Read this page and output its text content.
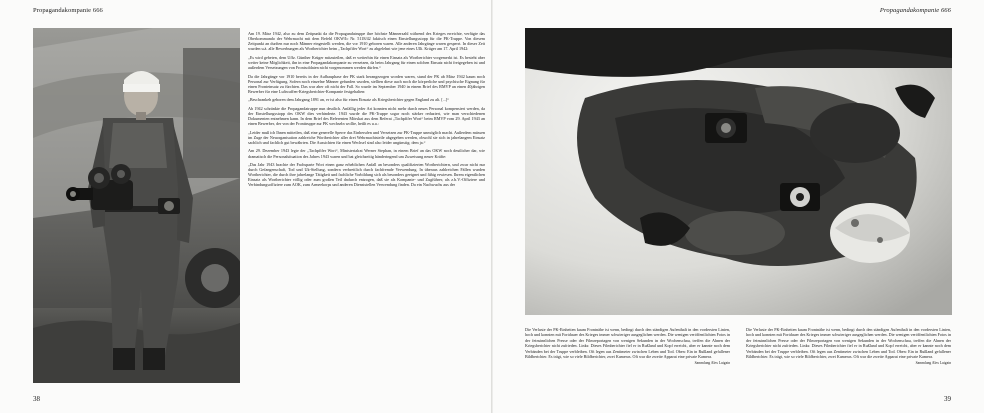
Propagandakompanie 666	Propagandakompanie 666

Am 19. März 1942, also zu dem Zeitpunkt da die Propagandatruppe ihre höchste Männerzahl während des Krieges erreichte, verfügte das Oberkommando der Wehrmacht mit dem Befehl OKW/Ic Nr. 5118/42 faktisch einen Einstellungsstopp für die PK-Truppe. Von diesem Zeitpunkt an durften nur noch Männer eingestellt werden, die vor 1910 geboren waren. Alle anderen Jahrgänge waren gesperrt. In dieser Zeit wurden u.ä. alle Bewerbungen als Wortberichter beim „Tachpfifer Wort“ zu abgelehnt wie jene eines Ulli. Krüger am 17. April 1942:

„Es wird gebeten, dem Uffz. Günther Krüger mitzuteilen, daß er weiterhin für einen Einsatz als Wortberichter vorgemerkt ist. Es besteht aber weiter keine Möglichkeit, ihn in eine Propagandakompanie zu versetzen, da beim Jahrgang für einen solchen Einsatz nicht freigegeben ist und außerdem Versetzungen von Frontsoldaten nicht vorgenommen werden dürfen.“

Da die Jahrgänge vor 1910 bereits in der Aufbauphase der PK stark herangezogen worden waren, stand der PK ab März 1942 kaum noch Personal zur Verfügung. Sofern noch einzelne Männer gefunden wurden, stellten diese auch noch die körperliche und psychische Eignung für einen Fronteinsatz zu fürchten. Das war aber oft nicht der Fall. So wurde im September 1940 in einem Brief des RMVP an einen 40jährigen Bewerber für eine Luftwaffen-Kriegsberichter-Kompanie festgehalten:

„Beschrankeh geboren dem Jahrgang 1891 an, er ist also für einen Einsatz als Kriegsberichter gegen England zu alt. [...]“

Ab 1942 schränkte die Propagandatruppe nun deutlich. Anfällig jeder Art konnten nicht mehr durch neues Personal kompensiert werden, da der Einstellungsstopp des OKW dies verhinderte. 1943 wurde die PK-Truppe sogar noch stärker reduziert, wie man verschiedenen Dokumenten entnehmen kann. In dem Brief des Referenten Mörskat aus dem Referat „Tachpfifer Wort“ beim RMVP vom 29. April 1943 an einen Bewerber, der von der Fronttruppe zur PK wechseln wollte, heißt es u.a.:

„Leider muß ich Ihnen mitteilen, daß eine generelle Sperre das Einberufen und Versetzen zur PK-Truppe unmöglich macht. Außerdem müssen im Zuge der Neuorganisation zahlreiche Wortberichter aller drei Wehrmachtsteile abgegeben werden, obwohl sie sich in jahrelangem Einsatz sachlich und fachlich gut bewährten. Die Aussichten für einen Wechsel sind also leider ungünstig; dem ja.“

Am 29. Dezember 1943 legte der „Tachpfifer Wort“, Ministerialrat Werner Stephan, in einem Brief an das OKW noch deutlicher dar, wie dramatisch die Personalsituation des Jahres 1943 waren und bat gleichzeitig händeringend um Zuweisung neuer Kräfte:

„Das Jahr 1943 brachte der Fachsparte Wort einen ganz erheblichen Anfall an besonders qualifizierten Wortberichtern, und zwar nicht nur durch Gefangenschaft, Tod und Uk-Stellung, sondern verbreitlich durch fachfremde Verwendung. In überaus zahlreichen Fällen wurden Wortberichter, die durch ihre jahrelange Tätigkeit und fachliche Vorbildung sich als besonders geeignet und fähig erwiesen. Ihrem eigentlichen Einsatz als Wortberichter völlig oder zum großen Teil dadurch entzogen, daß sie als Kompanie- und Zugführer, als z.b.V.-Offiziere und Verbindungsoffiziere zum AOK, zum Armeekorps und anderen Dienststellen Verwendung finden. Da ein Nachwuchs aus der

Die Verluste der PK-Einheiten kaum Frontnähe ist wenn, bedingt durch den ständigen Aufenthalt in den vordersten Linien, hoch und konnten mit Fortdauer des Krieges immer schwieriger ausgeglichen werden. Die wenigen veröffentlichten Fotos in der feinsinnlichen Presse oder der Filmreportagen von wenigen Sekunden in der Wochenschau, treffen die Ahnen der Kriegsberichter nicht zufrieden. Links: Dieses Filmberichter fiel er in Rußland und Kopf erreicht, aber er kannte noch dem Verbänden bei der Truppe verbleiben. Oft legen aus Zentimeter zwischen Leben und Tod. Oben: Ein in Rußland gefallener Bildberichter. Es trägt, wie so viele Bildberichter, zwei Kameras. Oft war die zweite Apparat eine private Kamera.
Sammlung Alex Luigain
Die Verluste der PK-Einheiten kaum Frontnähe ist wenn, bedingt durch den ständigen Aufenthalt in den vordersten Linien, hoch und konnten mit Fortdauer des Krieges immer schwieriger ausgeglichen werden. Die wenigen veröffentlichten Fotos in der feinsinnlichen Presse oder der Filmreportagen von wenigen Sekunden in der Wochenschau, treffen die Ahnen der Kriegsberichter nicht zufrieden. Links: Dieses Filmberichter fiel er in Rußland und Kopf erreicht, aber er kannte noch dem Verbänden bei der Truppe verbleiben. Oft legen aus Zentimeter zwischen Leben und Tod. Oben: Ein in Rußland gefallener Bildberichter. Es trägt, wie so viele Bildberichter, zwei Kameras. Oft war die zweite Apparat eine private Kamera.
Sammlung Alex Luigain
38	39
